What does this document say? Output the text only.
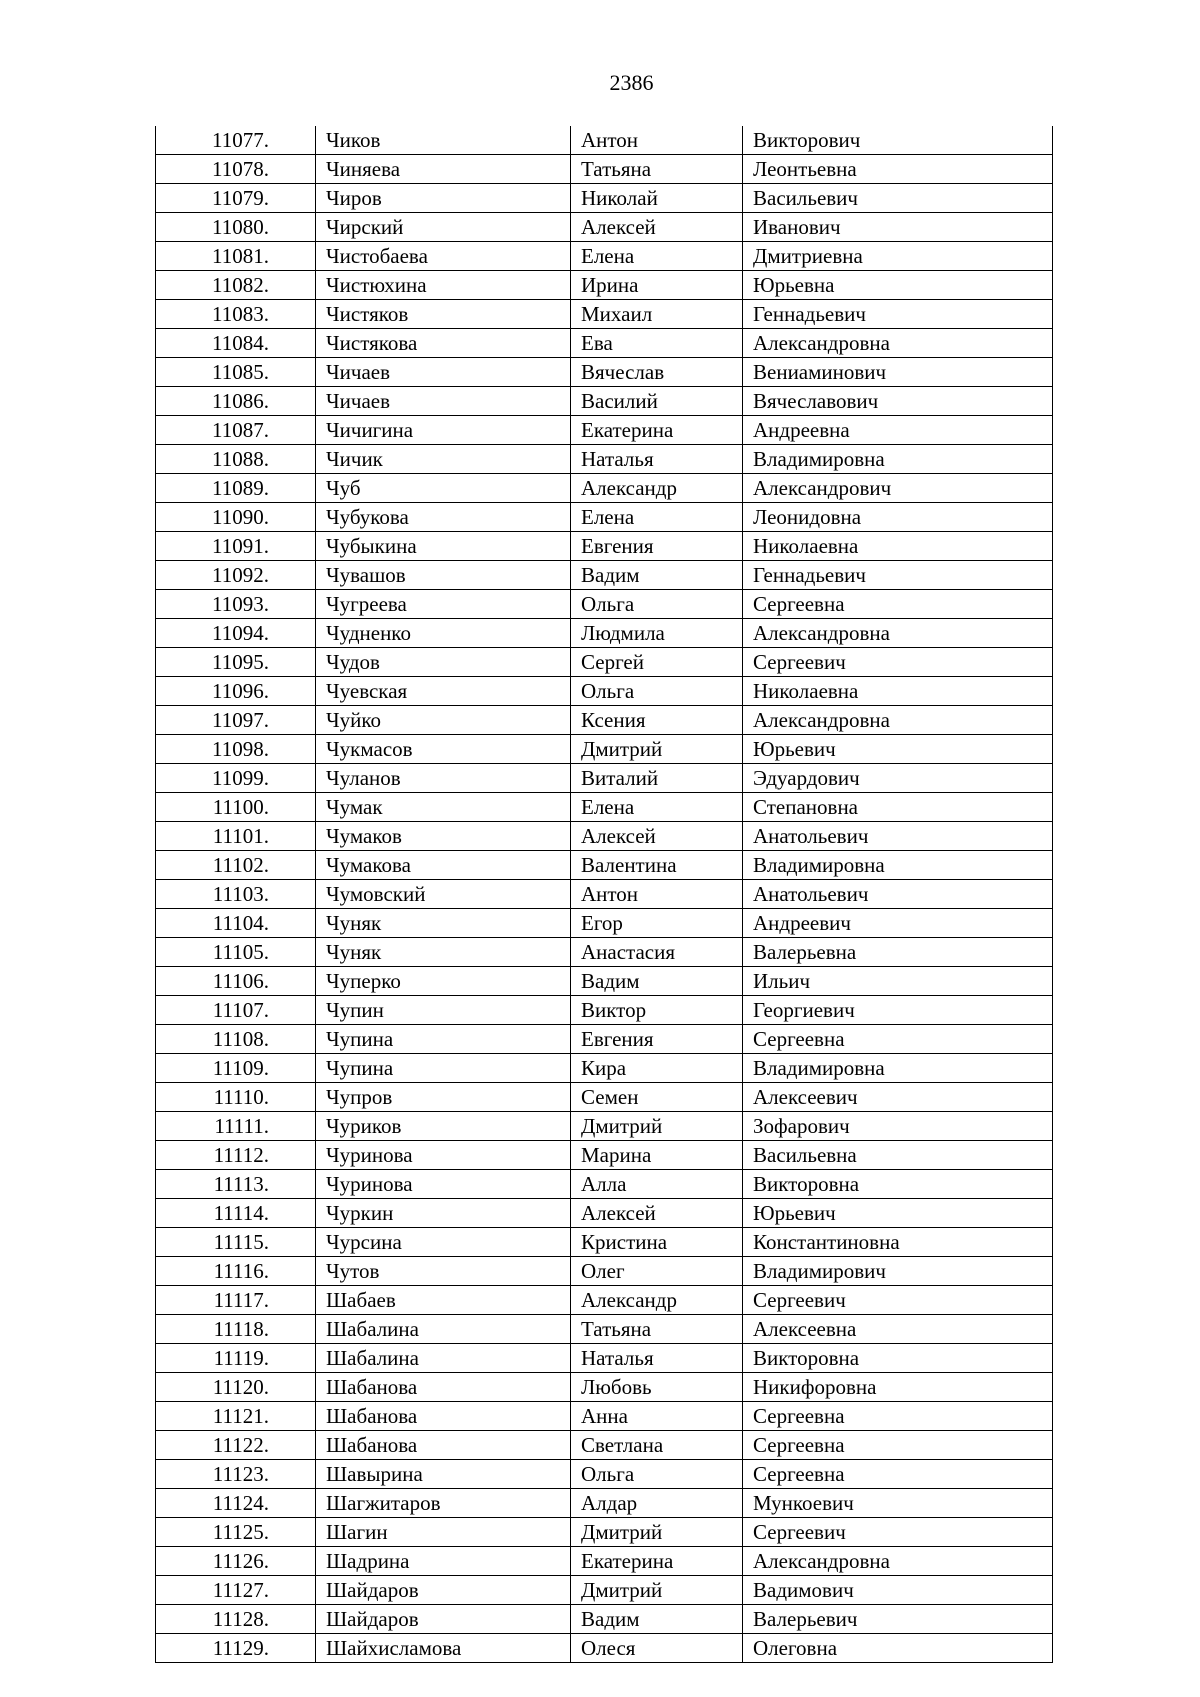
2386
11077.	Чиков	Антон	Викторович
11078.	Чиняева	Татьяна	Леонтьевна
11079.	Чиров	Николай	Васильевич
11080.	Чирский	Алексей	Иванович
11081.	Чистобаева	Елена	Дмитриевна
11082.	Чистюхина	Ирина	Юрьевна
11083.	Чистяков	Михаил	Геннадьевич
11084.	Чистякова	Ева	Александровна
11085.	Чичаев	Вячеслав	Вениаминович
11086.	Чичаев	Василий	Вячеславович
11087.	Чичигина	Екатерина	Андреевна
11088.	Чичик	Наталья	Владимировна
11089.	Чуб	Александр	Александрович
11090.	Чубукова	Елена	Леонидовна
11091.	Чубыкина	Евгения	Николаевна
11092.	Чувашов	Вадим	Геннадьевич
11093.	Чугреева	Ольга	Сергеевна
11094.	Чудненко	Людмила	Александровна
11095.	Чудов	Сергей	Сергеевич
11096.	Чуевская	Ольга	Николаевна
11097.	Чуйко	Ксения	Александровна
11098.	Чукмасов	Дмитрий	Юрьевич
11099.	Чуланов	Виталий	Эдуардович
11100.	Чумак	Елена	Степановна
11101.	Чумаков	Алексей	Анатольевич
11102.	Чумакова	Валентина	Владимировна
11103.	Чумовский	Антон	Анатольевич
11104.	Чуняк	Егор	Андреевич
11105.	Чуняк	Анастасия	Валерьевна
11106.	Чуперко	Вадим	Ильич
11107.	Чупин	Виктор	Георгиевич
11108.	Чупина	Евгения	Сергеевна
11109.	Чупина	Кира	Владимировна
11110.	Чупров	Семен	Алексеевич
11111.	Чуриков	Дмитрий	Зофарович
11112.	Чуринова	Марина	Васильевна
11113.	Чуринова	Алла	Викторовна
11114.	Чуркин	Алексей	Юрьевич
11115.	Чурсина	Кристина	Константиновна
11116.	Чутов	Олег	Владимирович
11117.	Шабаев	Александр	Сергеевич
11118.	Шабалина	Татьяна	Алексеевна
11119.	Шабалина	Наталья	Викторовна
11120.	Шабанова	Любовь	Никифоровна
11121.	Шабанова	Анна	Сергеевна
11122.	Шабанова	Светлана	Сергеевна
11123.	Шавырина	Ольга	Сергеевна
11124.	Шагжитаров	Алдар	Мункоевич
11125.	Шагин	Дмитрий	Сергеевич
11126.	Шадрина	Екатерина	Александровна
11127.	Шайдаров	Дмитрий	Вадимович
11128.	Шайдаров	Вадим	Валерьевич
11129.	Шайхисламова	Олеся	Олеговна
